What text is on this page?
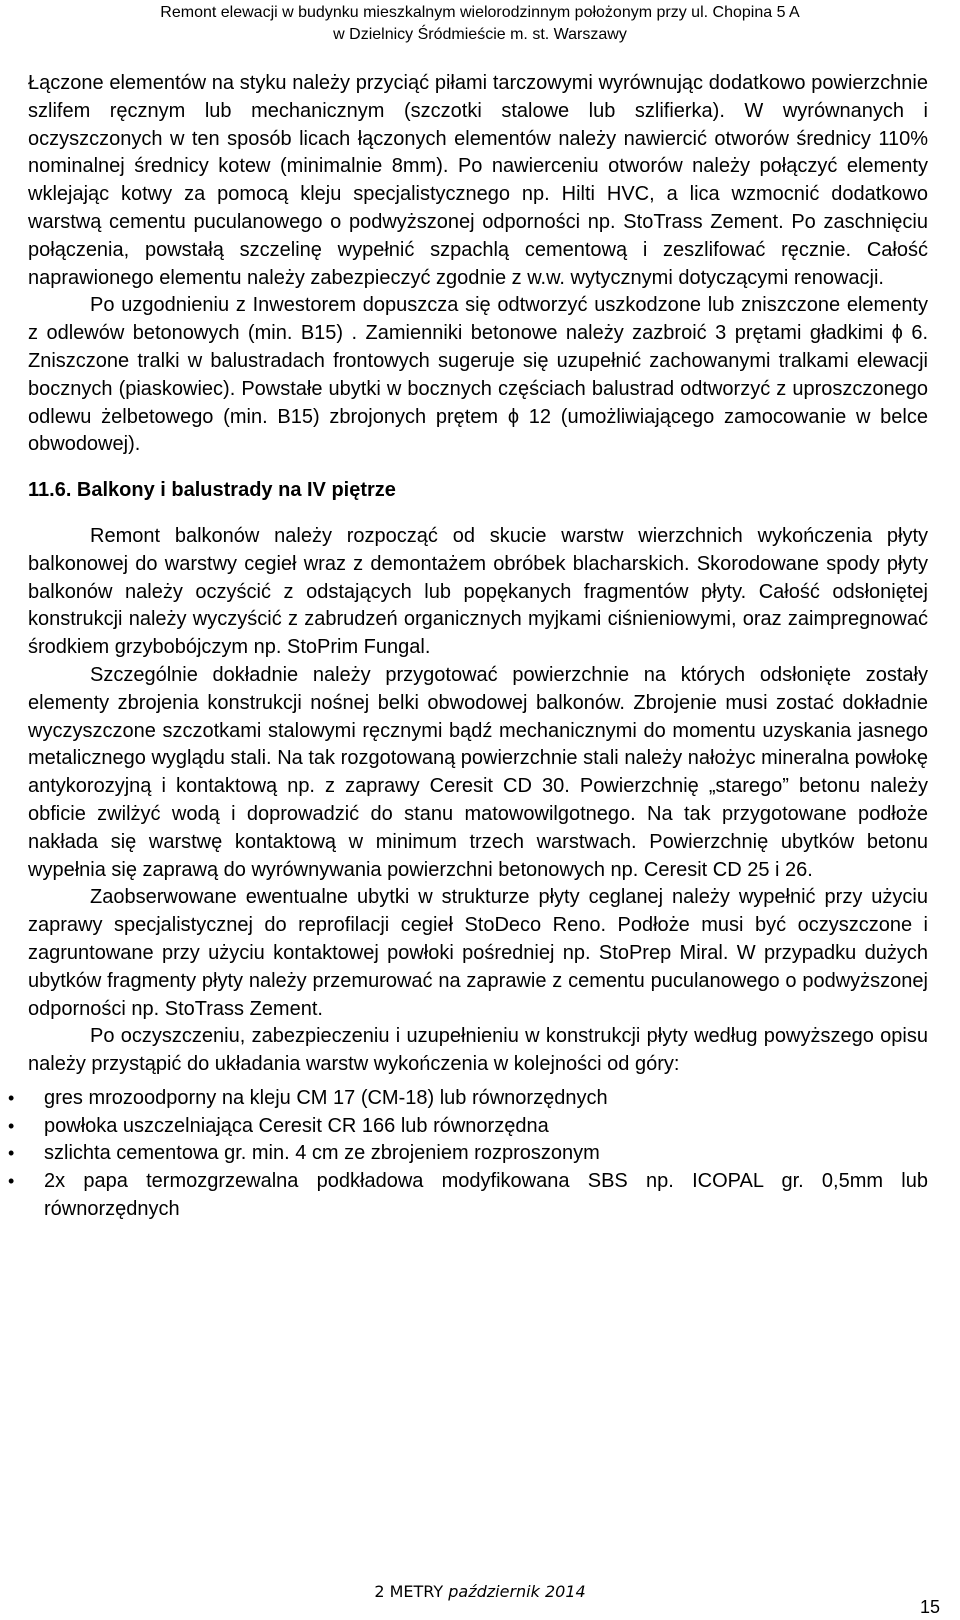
Remont elewacji w budynku mieszkalnym wielorodzinnym położonym przy ul. Chopina 5 A
w Dzielnicy Śródmieście m. st. Warszawy

Łączone elementów na styku należy przyciąć piłami tarczowymi wyrównując dodatkowo powierzchnie szlifem ręcznym lub mechanicznym (szczotki stalowe lub szlifierka). W wyrównanych i oczyszczonych w ten sposób licach łączonych elementów należy nawiercić otworów średnicy 110% nominalnej średnicy kotew (minimalnie 8mm). Po nawierceniu otworów należy połączyć elementy wklejając kotwy za pomocą kleju specjalistycznego np. Hilti HVC, a lica wzmocnić dodatkowo warstwą cementu puculanowego o podwyższonej odporności np. StoTrass Zement. Po zaschnięciu połączenia, powstałą szczelinę wypełnić szpachlą cementową i zeszlifować ręcznie. Całość naprawionego elementu należy zabezpieczyć zgodnie z w.w. wytycznymi dotyczącymi renowacji.

Po uzgodnieniu z Inwestorem dopuszcza się odtworzyć uszkodzone lub zniszczone elementy z odlewów betonowych (min. B15) . Zamienniki betonowe należy zazbroić 3 prętami gładkimi ϕ 6. Zniszczone tralki w balustradach frontowych sugeruje się uzupełnić zachowanymi tralkami elewacji bocznych (piaskowiec). Powstałe ubytki w bocznych częściach balustrad odtworzyć z uproszczonego odlewu żelbetowego (min. B15) zbrojonych prętem ϕ 12 (umożliwiającego zamocowanie w belce obwodowej).

11.6. Balkony i balustrady na IV piętrze

Remont balkonów należy rozpocząć od skucie warstw wierzchnich wykończenia płyty balkonowej do warstwy cegieł wraz z demontażem obróbek blacharskich. Skorodowane spody płyty balkonów należy oczyścić z odstających lub popękanych fragmentów płyty. Całość odsłoniętej konstrukcji należy wyczyścić z zabrudzeń organicznych myjkami ciśnieniowymi, oraz zaimpregnować środkiem grzybobójczym np. StoPrim Fungal.

Szczególnie dokładnie należy przygotować powierzchnie na których odsłonięte zostały elementy zbrojenia konstrukcji nośnej belki obwodowej balkonów. Zbrojenie musi zostać dokładnie wyczyszczone szczotkami stalowymi ręcznymi bądź mechanicznymi do momentu uzyskania jasnego metalicznego wyglądu stali. Na tak rozgotowaną powierzchnie stali należy nałożyc mineralna powłokę antykorozyjną i kontaktową np. z zaprawy Ceresit CD 30. Powierzchnię „starego” betonu należy obficie zwilżyć wodą i doprowadzić do stanu matowowilgotnego. Na tak przygotowane podłoże nakłada się warstwę kontaktową w minimum trzech warstwach. Powierzchnię ubytków betonu wypełnia się zaprawą do wyrównywania powierzchni betonowych np. Ceresit CD 25 i 26.

Zaobserwowane ewentualne ubytki w strukturze płyty ceglanej należy wypełnić przy użyciu zaprawy specjalistycznej do reprofilacji cegieł StoDeco Reno. Podłoże musi być oczyszczone i zagruntowane przy użyciu kontaktowej powłoki pośredniej np. StoPrep Miral. W przypadku dużych ubytków fragmenty płyty należy przemurować na zaprawie z cementu puculanowego o podwyższonej odporności np. StoTrass Zement.

Po oczyszczeniu, zabezpieczeniu i uzupełnieniu w konstrukcji płyty według powyższego opisu należy przystąpić do układania warstw wykończenia w kolejności od góry:

• gres mrozoodporny na kleju CM 17 (CM-18) lub równorzędnych
• powłoka uszczelniająca Ceresit CR 166 lub równorzędna
• szlichta cementowa gr. min. 4 cm ze zbrojeniem rozproszonym
• 2x papa termozgrzewalna podkładowa modyfikowana SBS np. ICOPAL gr. 0,5mm lub równorzędnych
2 METRY październik 2014
15
